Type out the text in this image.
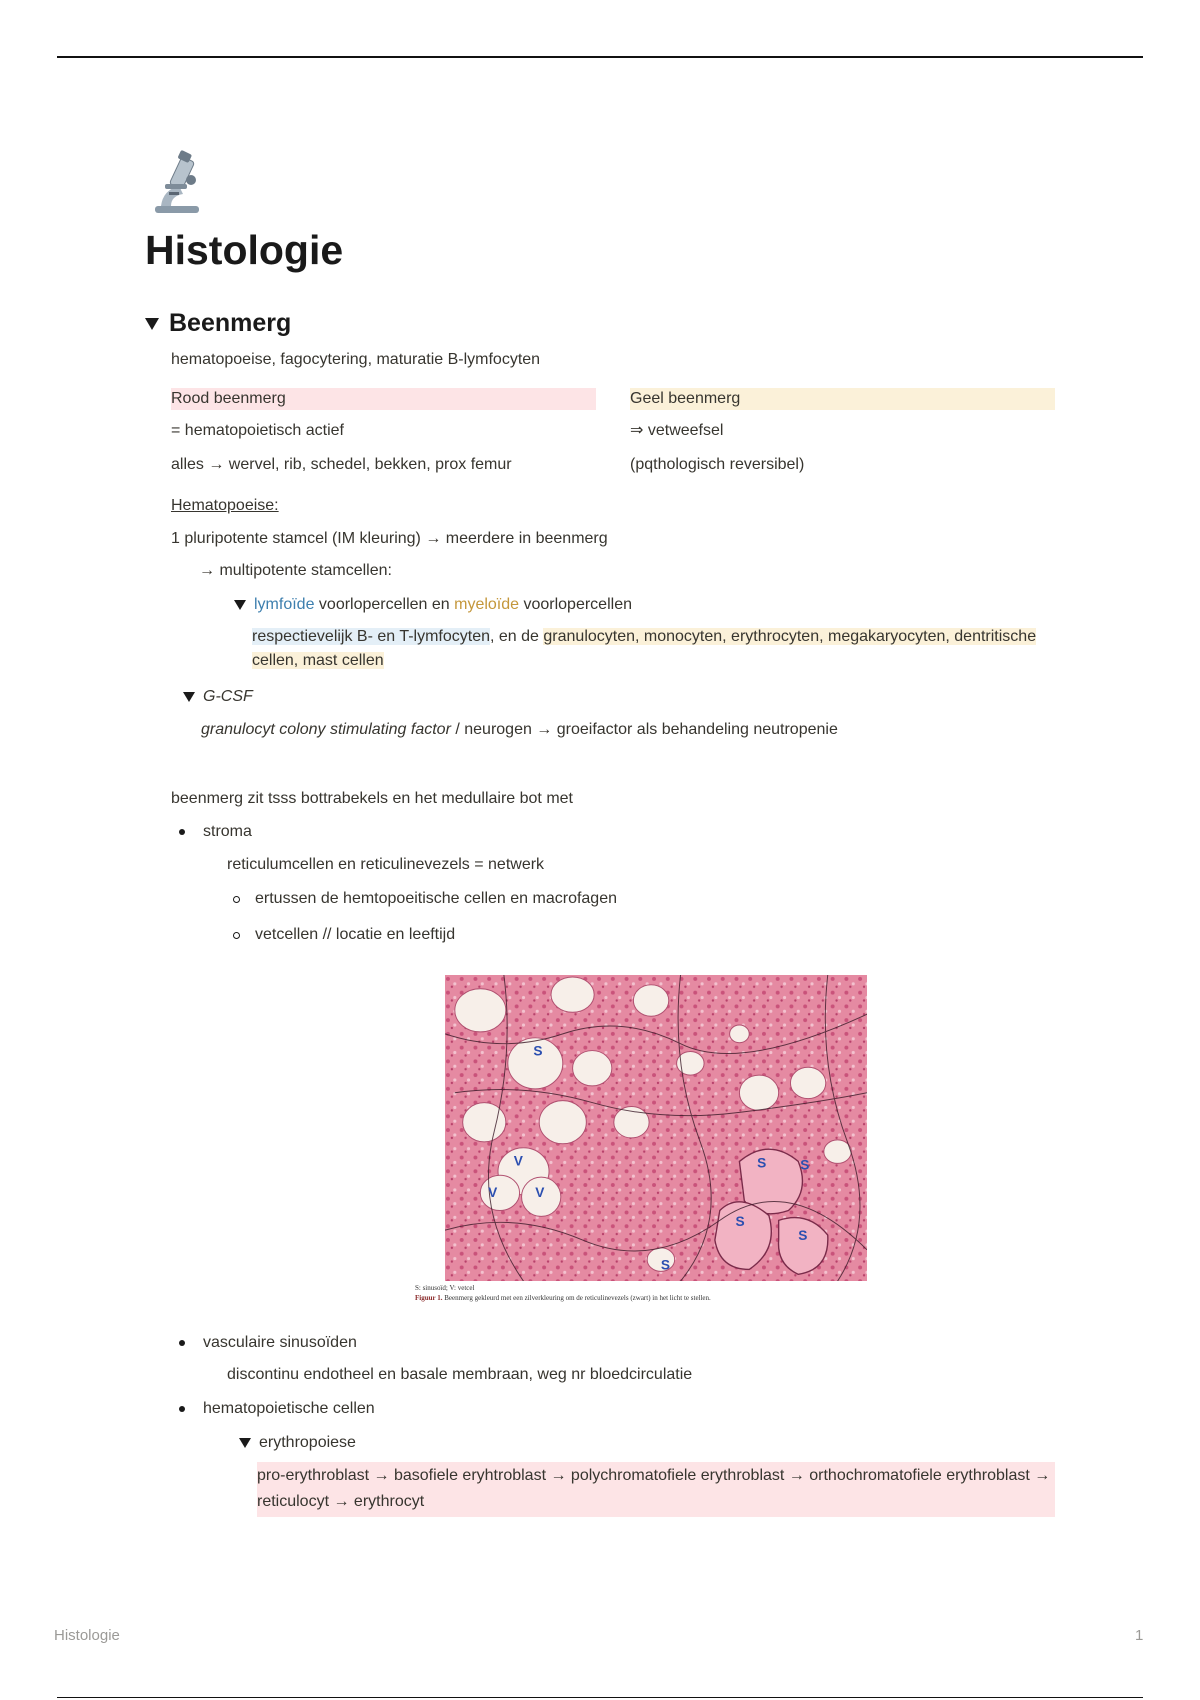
Histologie
Beenmerg
hematopoeise, fagocytering, maturatie B-lymfocyten
Rood beenmerg
= hematopoietisch actief
alles → wervel, rib, schedel, bekken, prox femur
Geel beenmerg
⇒ vetweefsel
(pqthologisch reversibel)
Hematopoeise:
1 pluripotente stamcel (IM kleuring) → meerdere in beenmerg
→ multipotente stamcellen:
lymfoïde voorlopercellen en myeloïde voorlopercellen
respectievelijk B- en T-lymfocyten, en de granulocyten, monocyten, erythrocyten, megakaryocyten, dentritische cellen, mast cellen
G-CSF
granulocyt colony stimulating factor / neurogen → groeifactor als behandeling neutropenie
beenmerg zit tsss bottrabekels en het medullaire bot met
stroma
reticulumcellen en reticulinevezels = netwerk
ertussen de hemtopoeitische cellen en macrofagen
vetcellen // locatie en leeftijd
S
V
V	V
S S
S
S
S
S: sinusoïd; V: vetcel
Figuur 1. Beenmerg gekleurd met een zilverkleuring om de reticulinevezels (zwart) in het licht te stellen.
vasculaire sinusoïden
discontinu endotheel en basale membraan, weg nr bloedcirculatie
hematopoietische cellen
erythropoiese
pro-erythroblast → basofiele eryhtroblast → polychromatofiele erythroblast → orthochromatofiele erythroblast → reticulocyt → erythrocyt
Histologie	1
